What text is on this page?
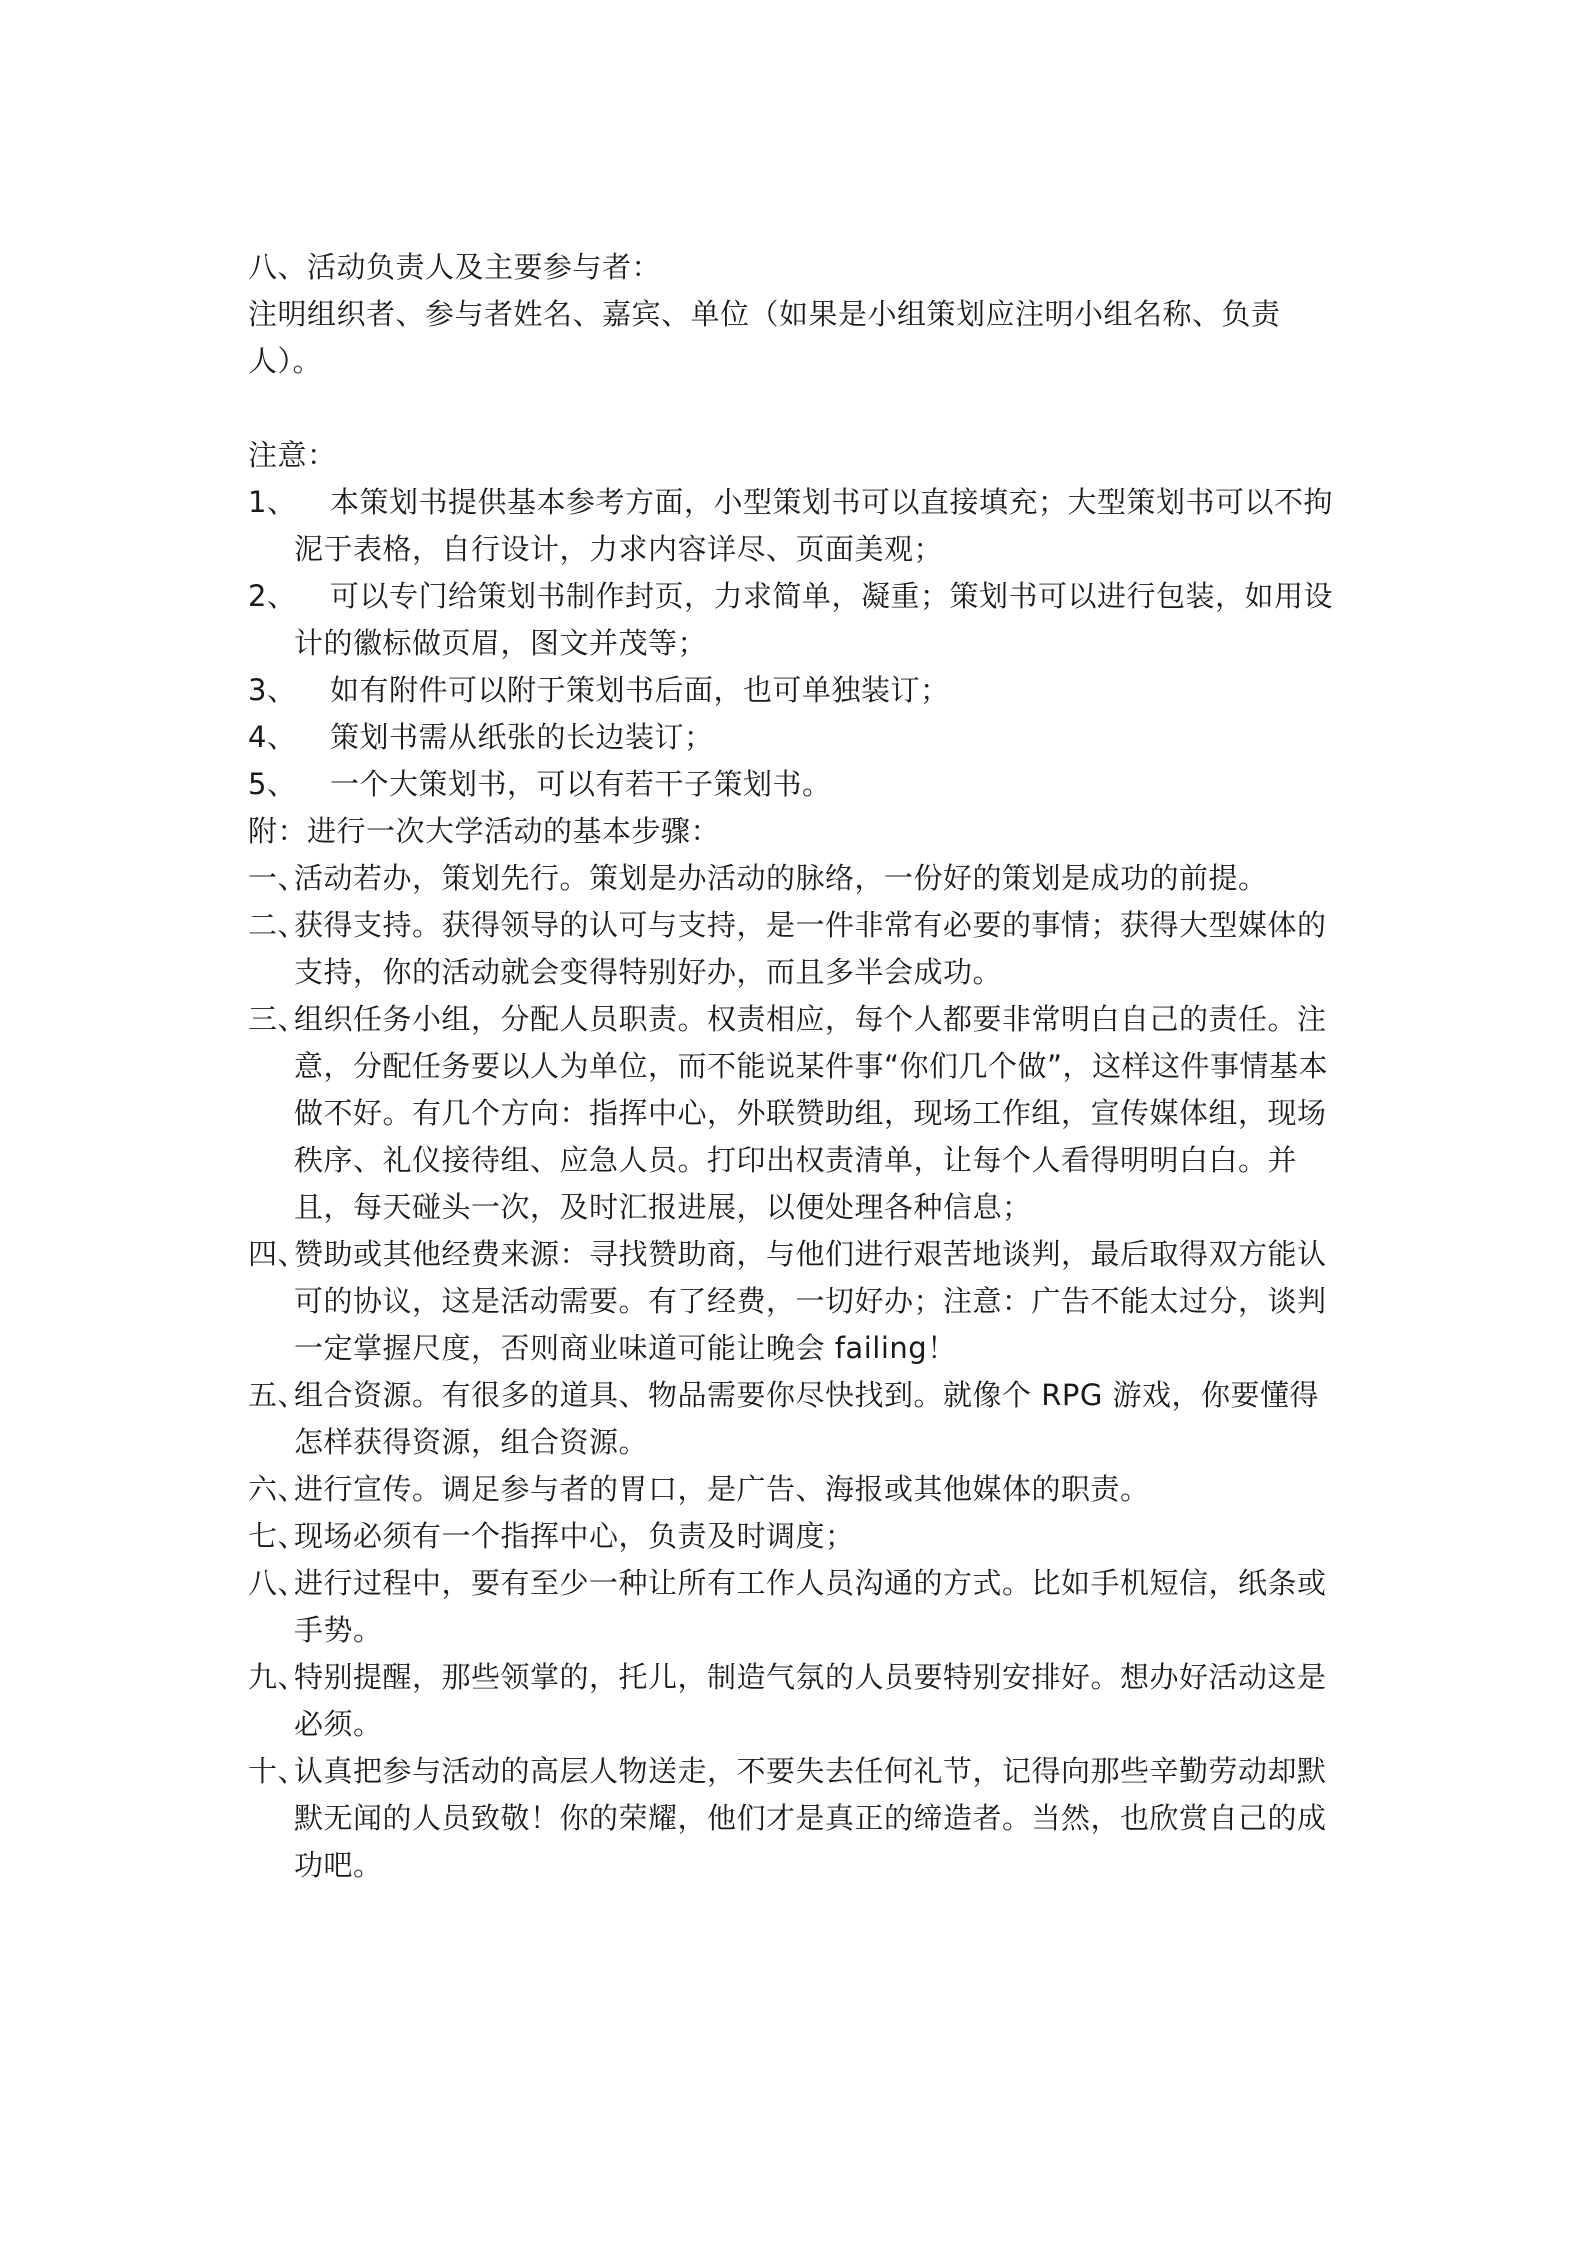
八、活动负责人及主要参与者：

注明组织者、参与者姓名、嘉宾、单位（如果是小组策划应注明小组名称、负责人）。

注意：

1、 本策划书提供基本参考方面，小型策划书可以直接填充；大型策划书可以不拘泥于表格，自行设计，力求内容详尽、页面美观；

2、 可以专门给策划书制作封页，力求简单，凝重；策划书可以进行包装，如用设计的徽标做页眉，图文并茂等；

3、 如有附件可以附于策划书后面，也可单独装订；

4、 策划书需从纸张的长边装订；

5、 一个大策划书，可以有若干子策划书。

附：进行一次大学活动的基本步骤：

一、活动若办，策划先行。策划是办活动的脉络，一份好的策划是成功的前提。

二、获得支持。获得领导的认可与支持，是一件非常有必要的事情；获得大型媒体的支持，你的活动就会变得特别好办，而且多半会成功。

三、组织任务小组，分配人员职责。权责相应，每个人都要非常明白自己的责任。注意，分配任务要以人为单位，而不能说某件事“你们几个做”，这样这件事情基本做不好。有几个方向：指挥中心，外联赞助组，现场工作组，宣传媒体组，现场秩序、礼仪接待组、应急人员。打印出权责清单，让每个人看得明明白白。并且，每天碰头一次，及时汇报进展，以便处理各种信息；

四、赞助或其他经费来源：寻找赞助商，与他们进行艰苦地谈判，最后取得双方能认可的协议，这是活动需要。有了经费，一切好办；注意：广告不能太过分，谈判一定掌握尺度，否则商业味道可能让晚会 failing！

五、组合资源。有很多的道具、物品需要你尽快找到。就像个 RPG 游戏，你要懂得怎样获得资源，组合资源。

六、进行宣传。调足参与者的胃口，是广告、海报或其他媒体的职责。

七、现场必须有一个指挥中心，负责及时调度；

八、进行过程中，要有至少一种让所有工作人员沟通的方式。比如手机短信，纸条或手势。

九、特别提醒，那些领掌的，托儿，制造气氛的人员要特别安排好。想办好活动这是必须。

十、认真把参与活动的高层人物送走，不要失去任何礼节，记得向那些辛勤劳动却默默无闻的人员致敬！你的荣耀，他们才是真正的缔造者。当然，也欣赏自己的成功吧。
